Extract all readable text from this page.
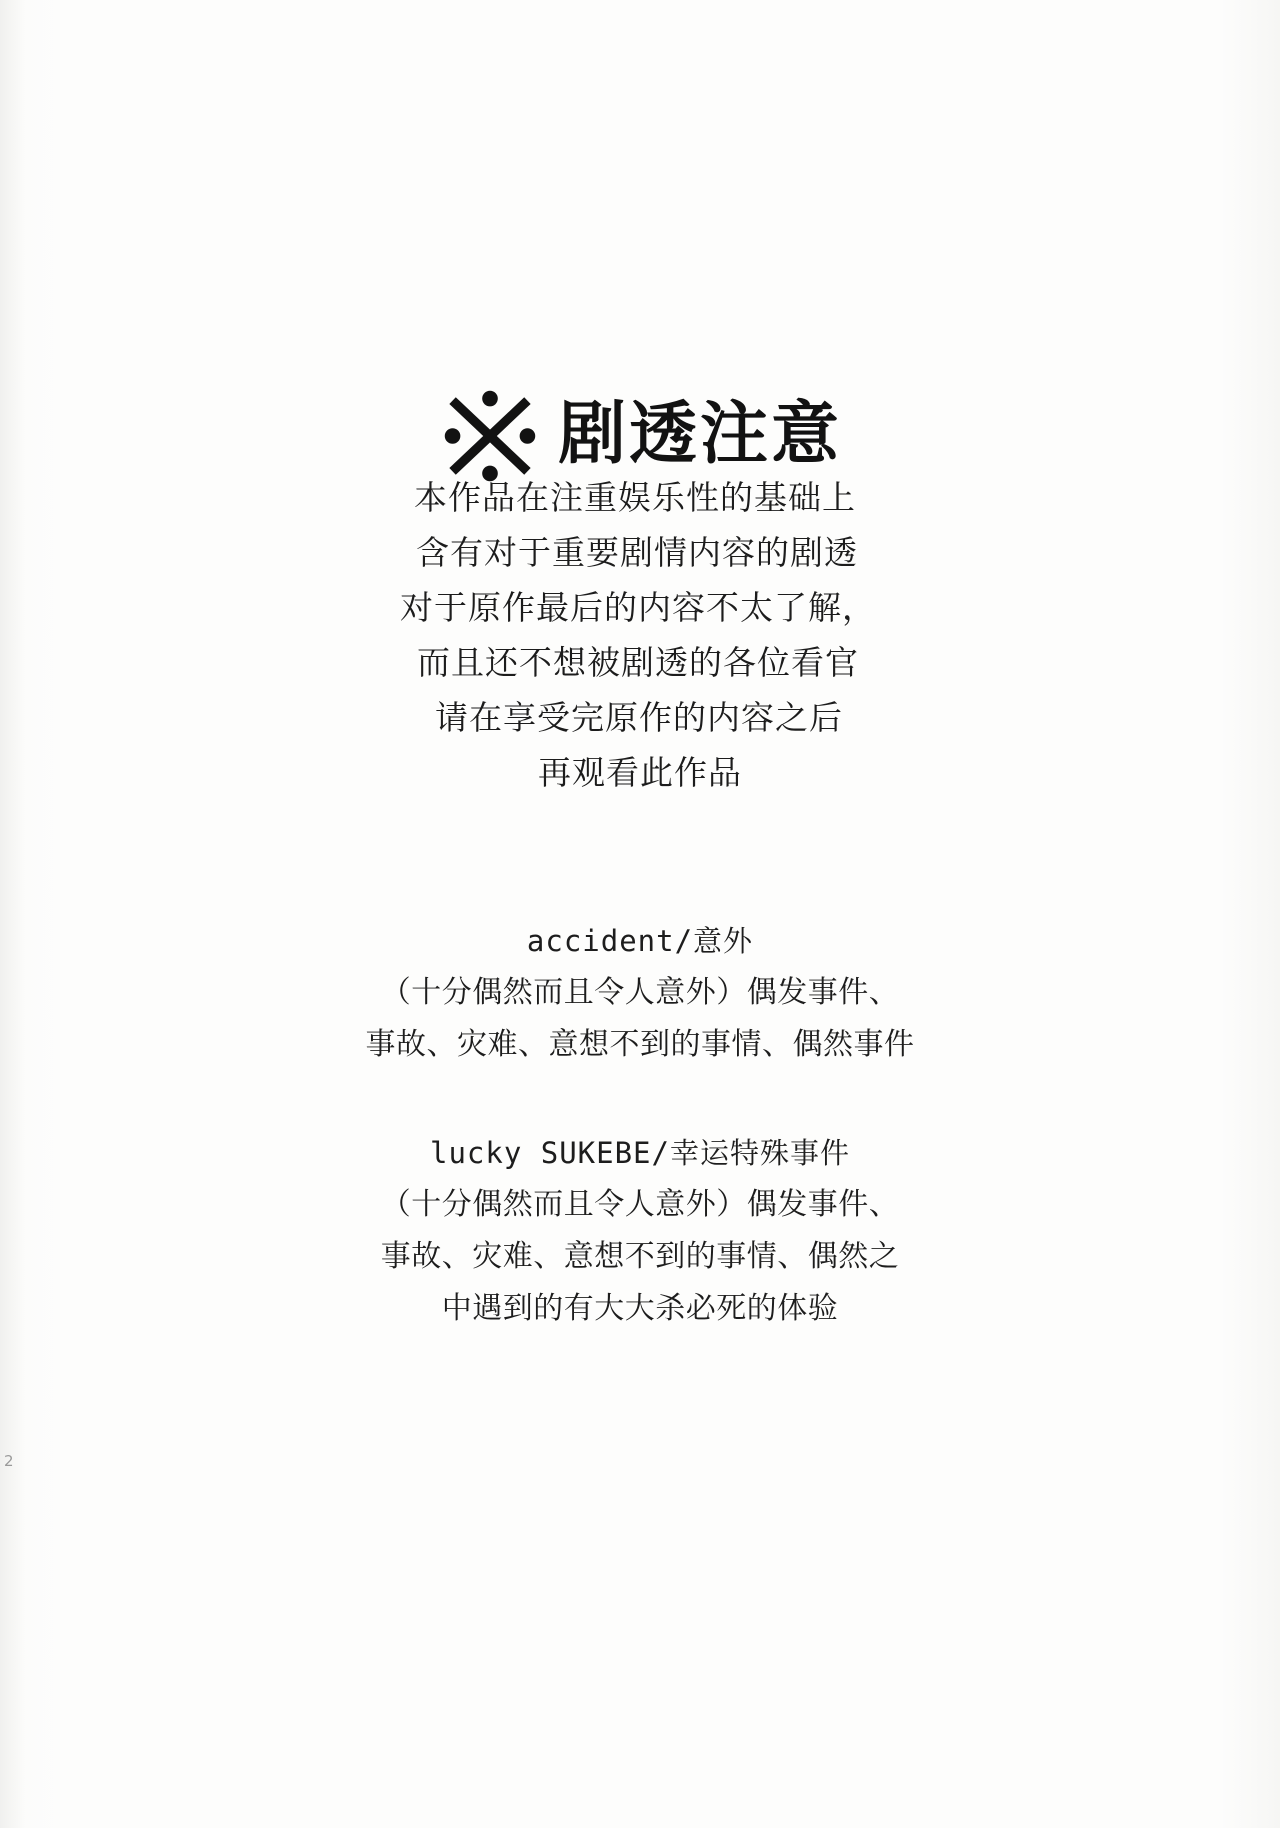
剧透注意
本作品在注重娱乐性的基础上
含有对于重要剧情内容的剧透
对于原作最后的内容不太了解，
而且还不想被剧透的各位看官
请在享受完原作的内容之后
再观看此作品
accident/意外
（十分偶然而且令人意外）偶发事件、
事故、灾难、意想不到的事情、偶然事件
lucky SUKEBE/幸运特殊事件
（十分偶然而且令人意外）偶发事件、
事故、灾难、意想不到的事情、偶然之
中遇到的有大大杀必死的体验
2
